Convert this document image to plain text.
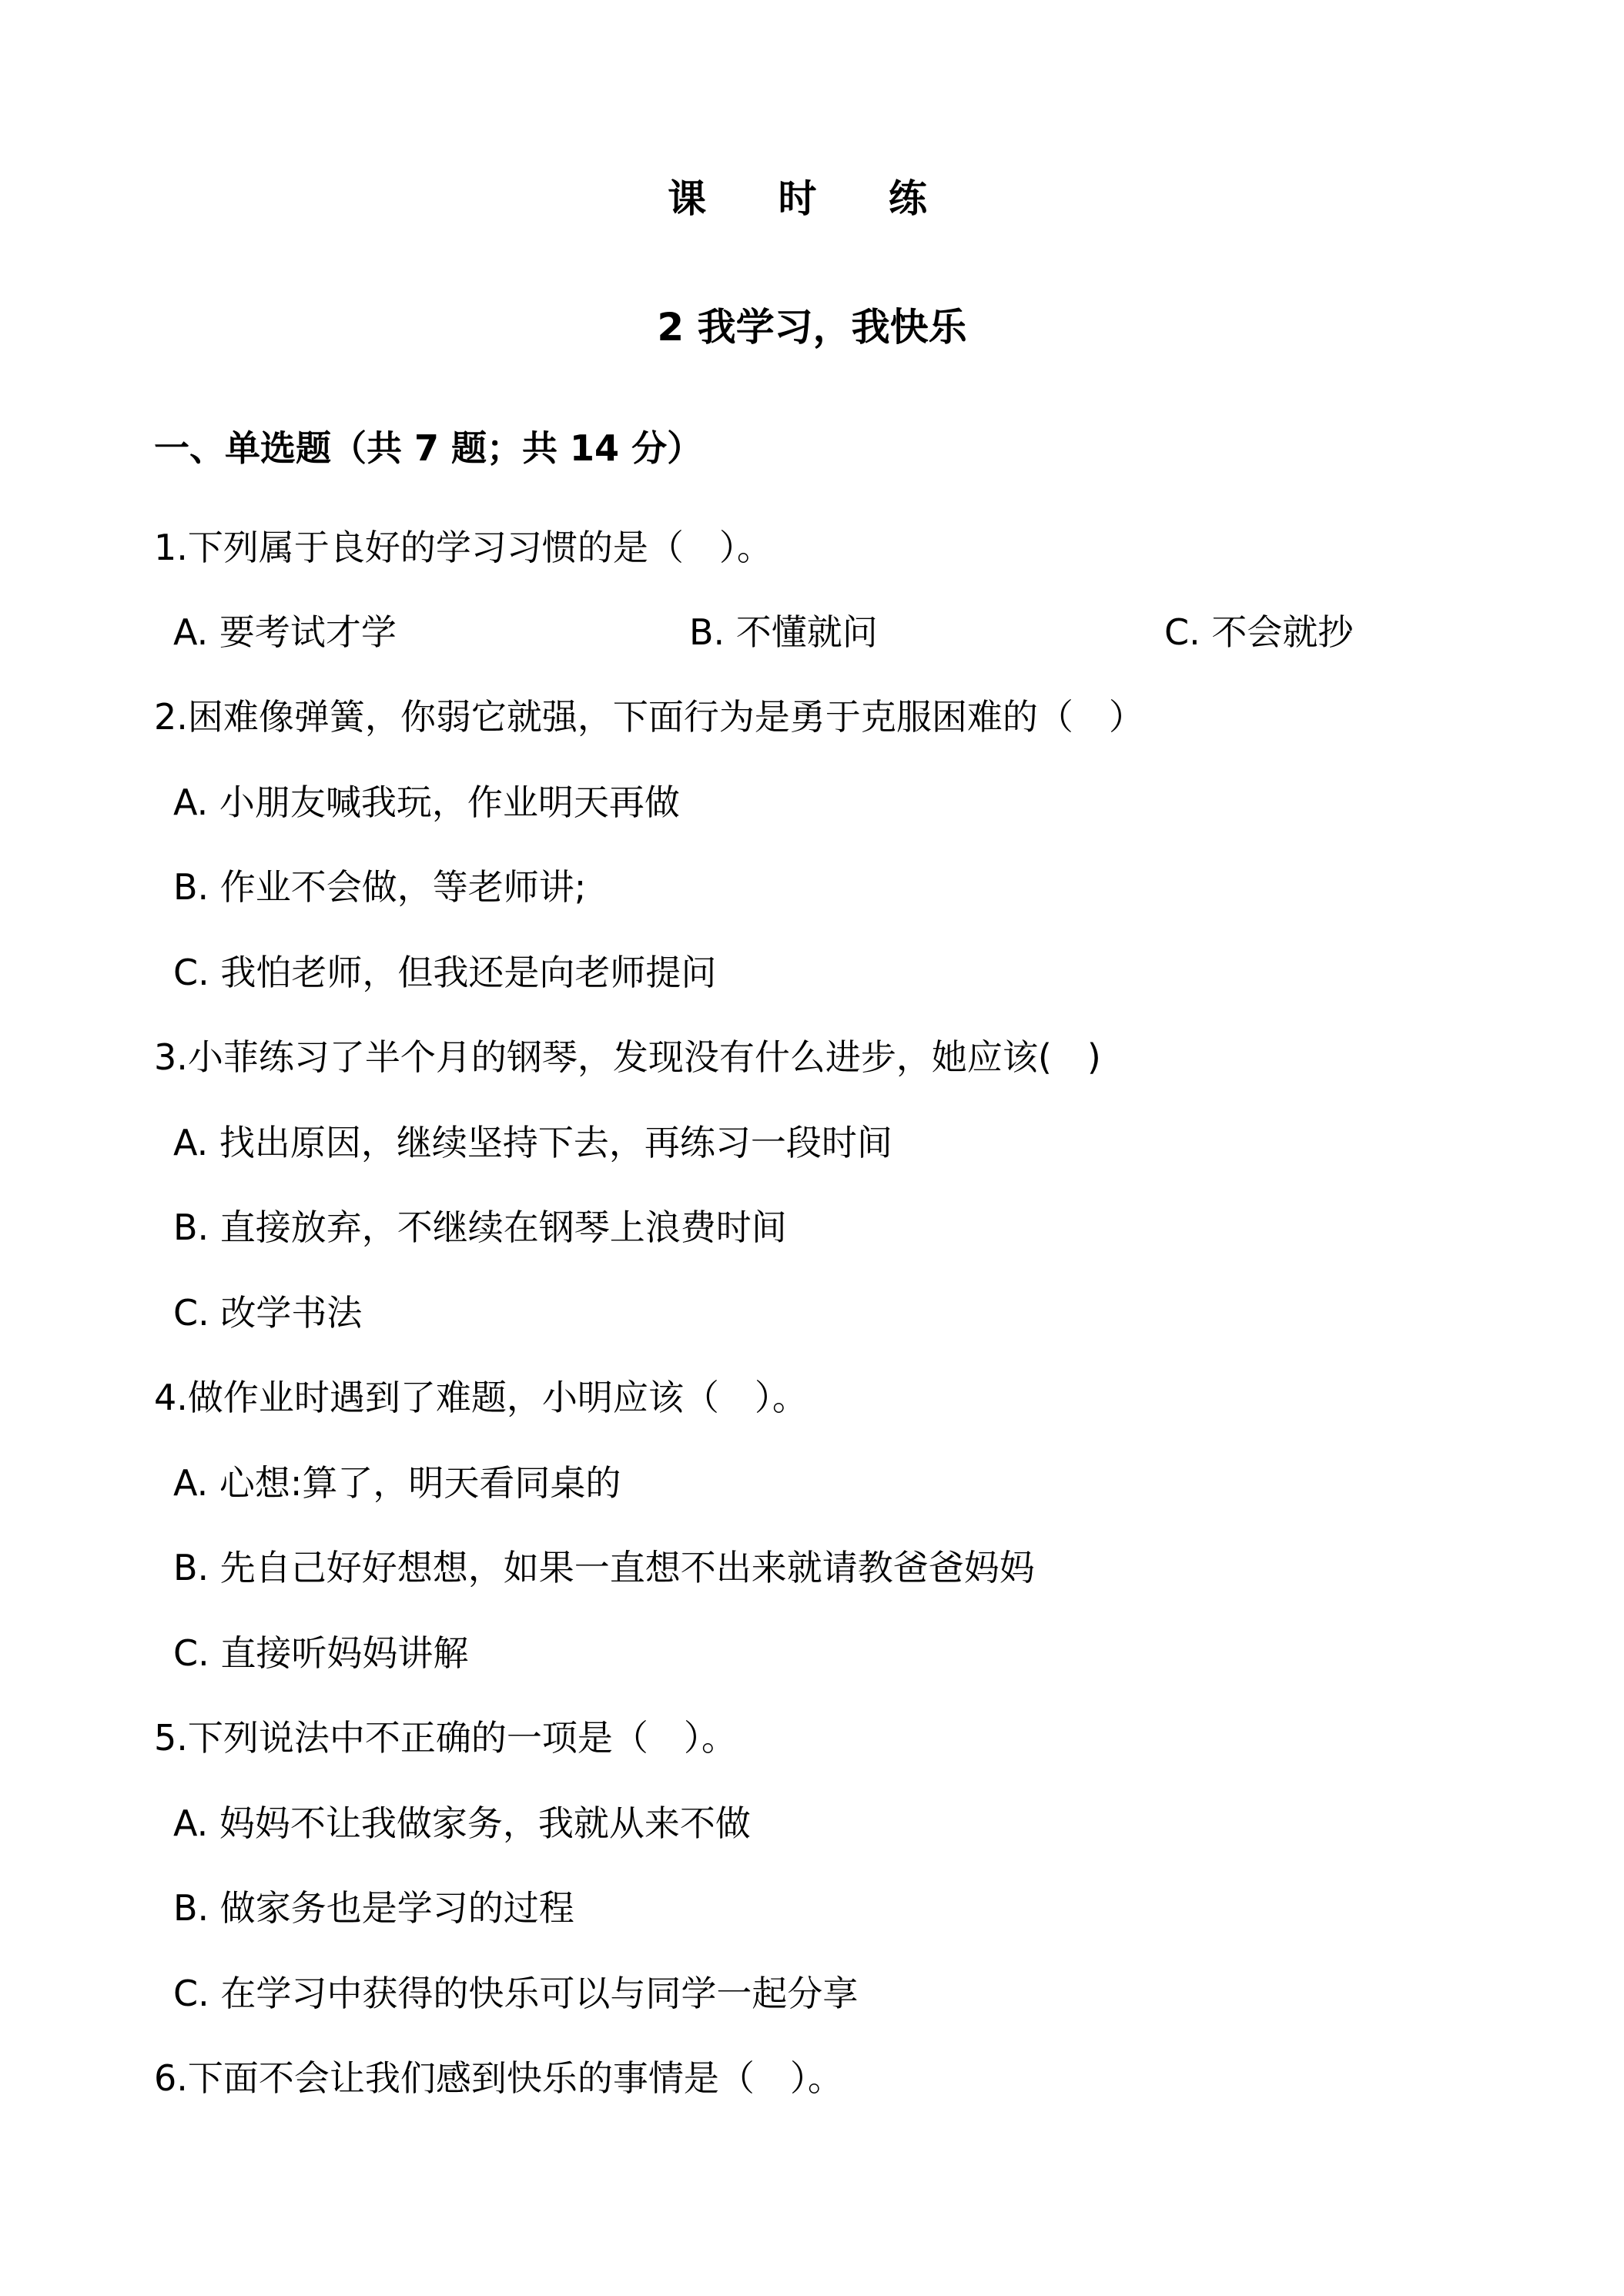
课 时 练
2 我学习，我快乐
一、单选题（共 7 题；共 14 分）
1.下列属于良好的学习习惯的是（　）。
A. 要考试才学	B. 不懂就问	C. 不会就抄
2.困难像弹簧，你弱它就强，下面行为是勇于克服困难的（　）
A. 小朋友喊我玩，作业明天再做
B. 作业不会做，等老师讲;
C. 我怕老师，但我还是向老师提问
3.小菲练习了半个月的钢琴，发现没有什么进步，她应该(　)
A. 找出原因，继续坚持下去，再练习一段时间
B. 直接放弃，不继续在钢琴上浪费时间
C. 改学书法
4.做作业时遇到了难题，小明应该（　）。
A. 心想:算了，明天看同桌的
B. 先自己好好想想，如果一直想不出来就请教爸爸妈妈
C. 直接听妈妈讲解
5.下列说法中不正确的一项是（　）。
A. 妈妈不让我做家务，我就从来不做
B. 做家务也是学习的过程
C. 在学习中获得的快乐可以与同学一起分享
6.下面不会让我们感到快乐的事情是（　）。
